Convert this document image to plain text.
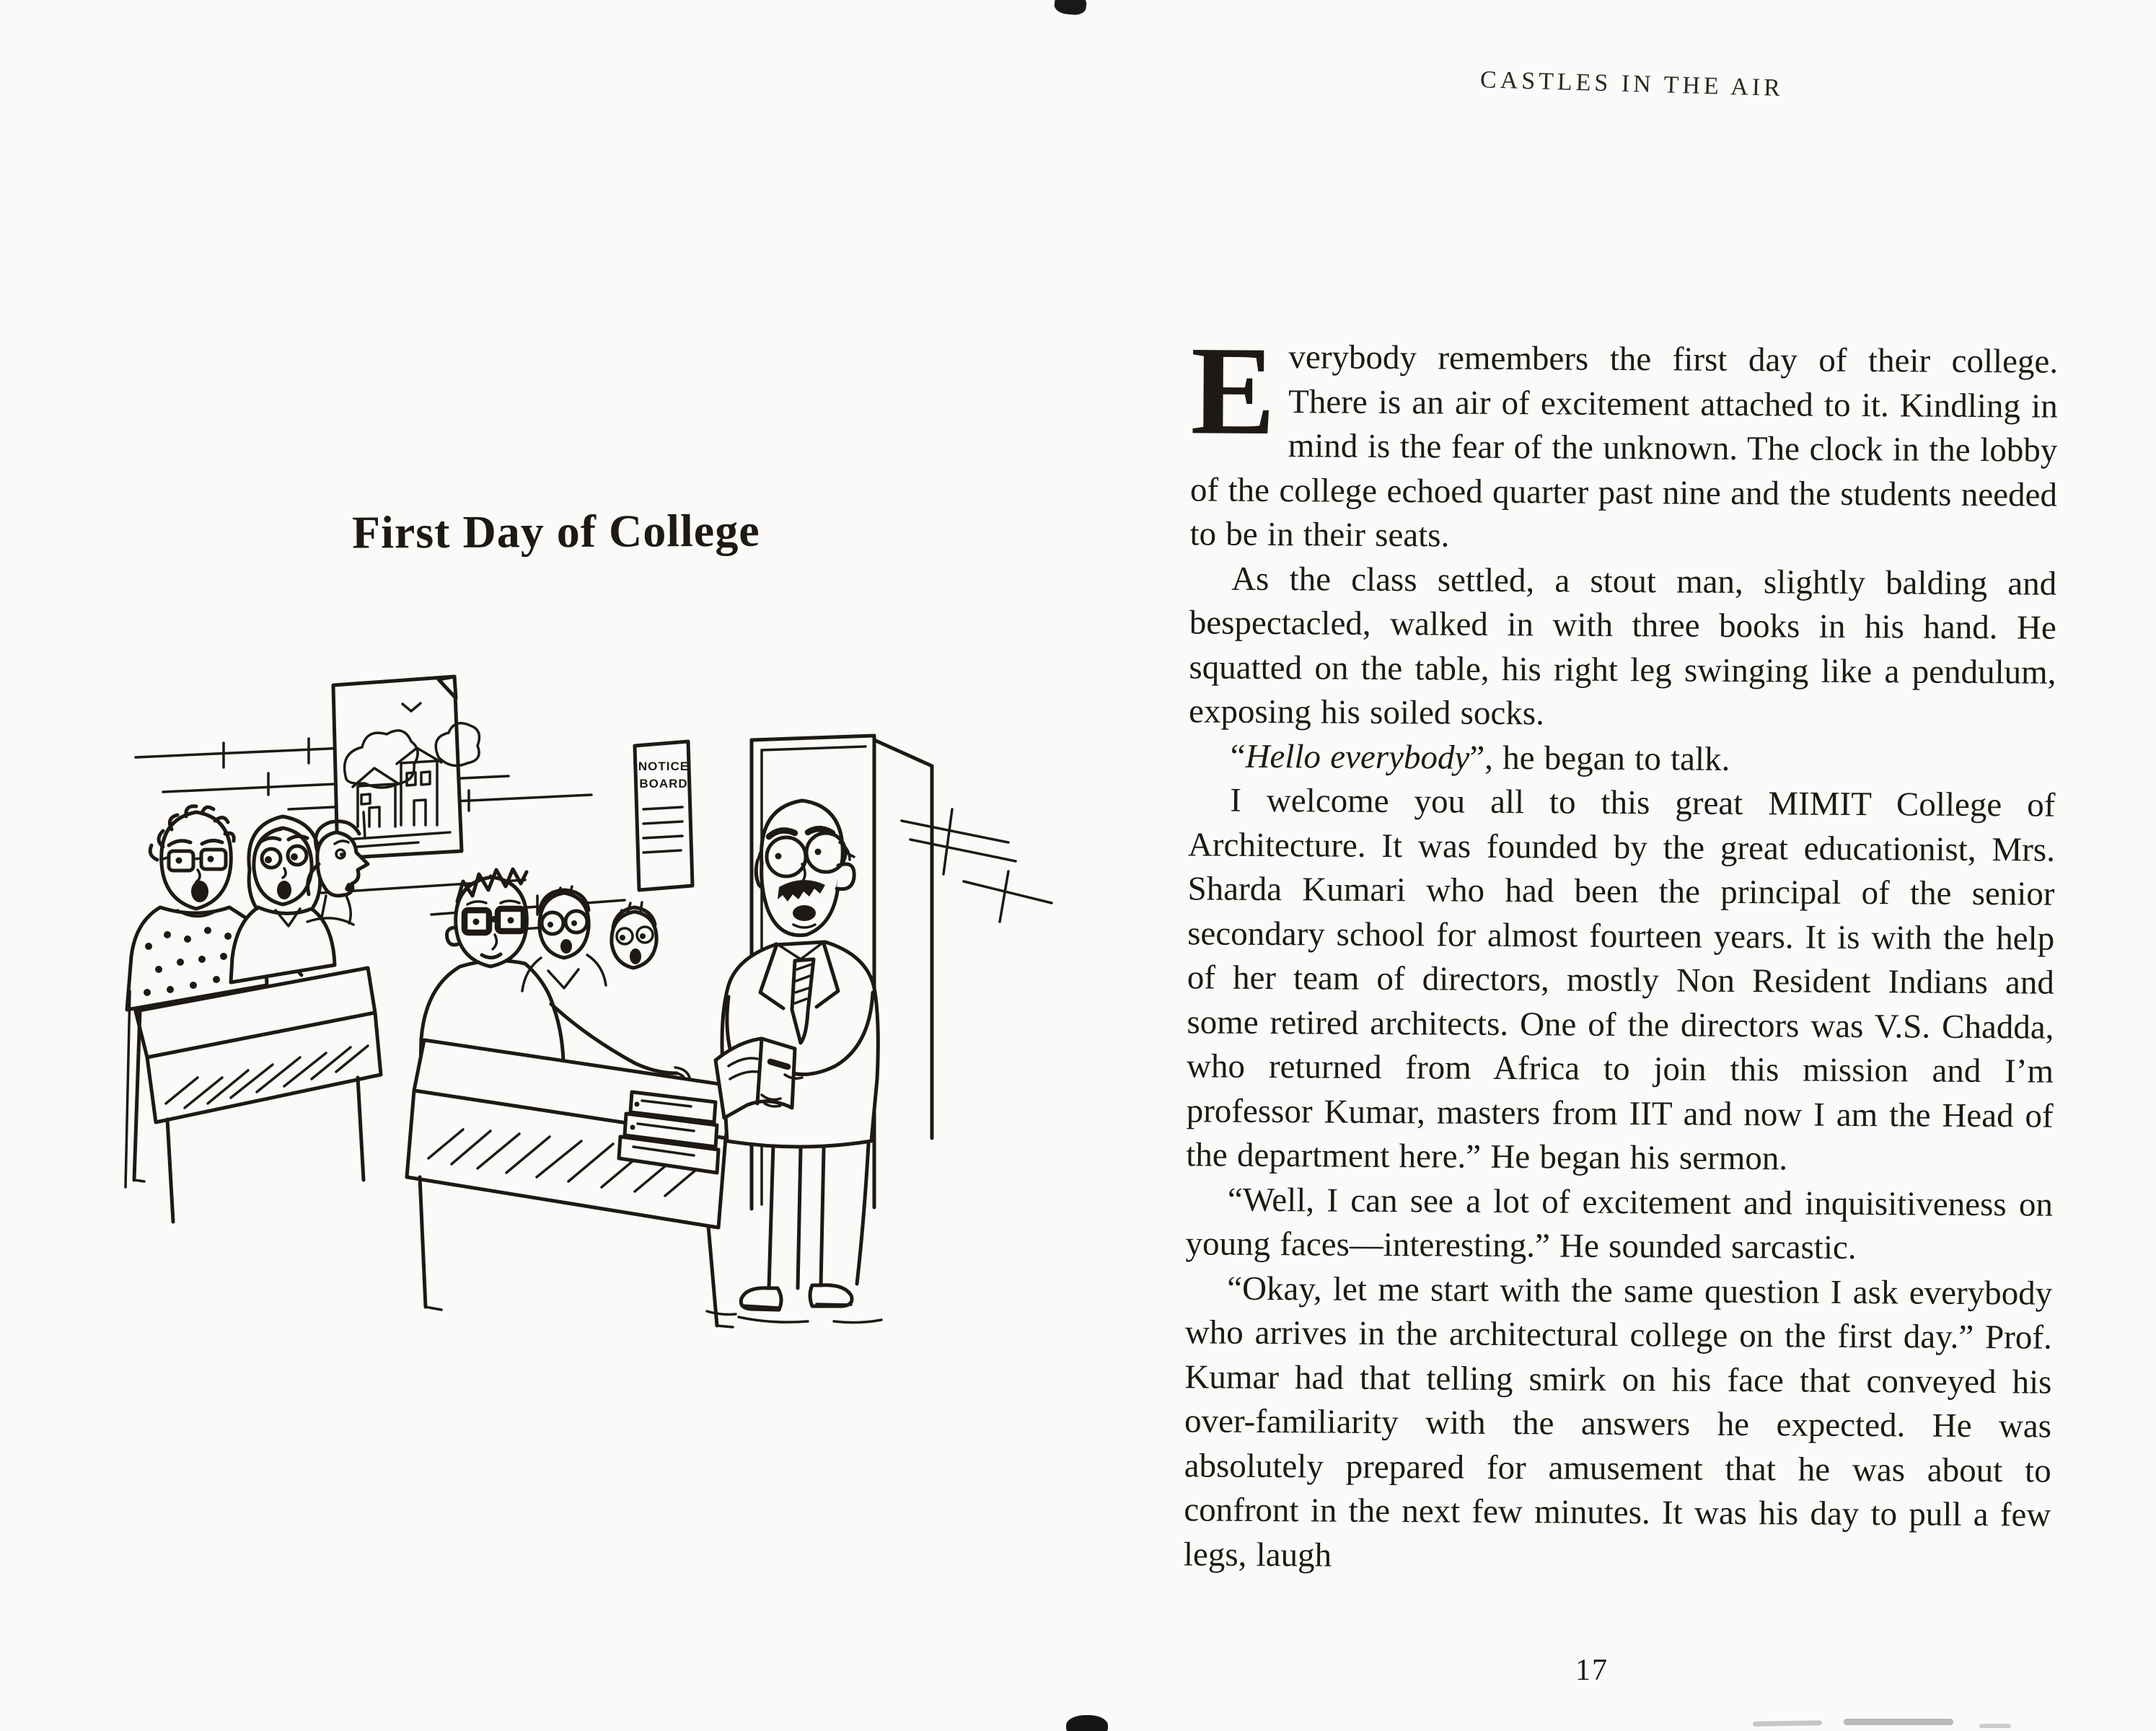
First Day of College
NOTICE
BOARD
CASTLES IN THE AIR

Everybody remembers the first day of their college. There is an air of excitement attached to it. Kindling in mind is the fear of the unknown. The clock in the lobby of the college echoed quarter past nine and the students needed to be in their seats.

As the class settled, a stout man, slightly balding and bespectacled, walked in with three books in his hand. He squatted on the table, his right leg swinging like a pendulum, exposing his soiled socks.

“Hello everybody”, he began to talk.

I welcome you all to this great MIMIT College of Architecture. It was founded by the great educationist, Mrs. Sharda Kumari who had been the principal of the senior secondary school for almost fourteen years. It is with the help of her team of directors, mostly Non Resident Indians and some retired architects. One of the directors was V.S. Chadda, who returned from Africa to join this mission and I’m professor Kumar, masters from IIT and now I am the Head of the department here.” He began his sermon.

“Well, I can see a lot of excitement and inquisitiveness on young faces—interesting.” He sounded sarcastic.

“Okay, let me start with the same question I ask everybody who arrives in the architectural college on the first day.” Prof. Kumar had that telling smirk on his face that conveyed his over-familiarity with the answers he expected. He was absolutely prepared for amusement that he was about to confront in the next few minutes. It was his day to pull a few legs, laugh

17
